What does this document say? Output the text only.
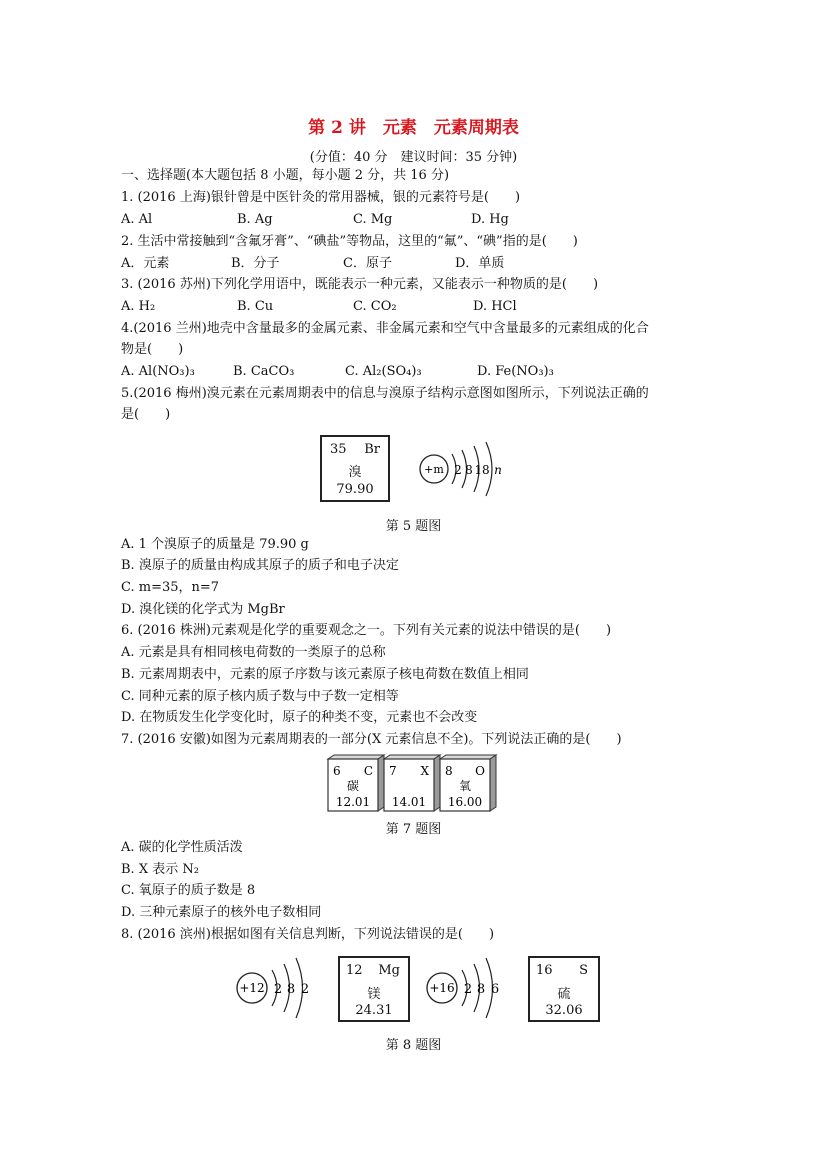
第 2 讲　元素　元素周期表
(分值：40 分　建议时间：35 分钟)
一、选择题(本大题包括 8 小题，每小题 2 分，共 16 分)
1. (2016 上海)银针曾是中医针灸的常用器械，银的元素符号是(　　)
A. Al	B. Ag	C. Mg	D. Hg
2. 生活中常接触到“含氟牙膏”、“碘盐”等物品，这里的“氟”、“碘”指的是(　　)
A．元素	B．分子	C．原子	D．单质
3. (2016 苏州)下列化学用语中，既能表示一种元素，又能表示一种物质的是(　　)
A. H₂	B. Cu	C. CO₂	D. HCl
4.(2016 兰州)地壳中含量最多的金属元素、非金属元素和空气中含量最多的元素组成的化合
物是(　　)
A. Al(NO₃)₃	B. CaCO₃	C. Al₂(SO₄)₃	D. Fe(NO₃)₃
5.(2016 梅州)溴元素在元素周期表中的信息与溴原子结构示意图如图所示，下列说法正确的
是(　　)
35 Br
溴
79.90
+m 2 8 18 n
第 5 题图
A. 1 个溴原子的质量是 79.90 g
B. 溴原子的质量由构成其原子的质子和电子决定
C. m=35，n=7
D. 溴化镁的化学式为 MgBr
6. (2016 株洲)元素观是化学的重要观念之一。下列有关元素的说法中错误的是(　　)
A. 元素是具有相同核电荷数的一类原子的总称
B. 元素周期表中，元素的原子序数与该元素原子核电荷数在数值上相同
C. 同种元素的原子核内质子数与中子数一定相等
D. 在物质发生化学变化时，原子的种类不变，元素也不会改变
7. (2016 安徽)如图为元素周期表的一部分(X 元素信息不全)。下列说法正确的是(　　)
6 C
碳
12.01
7 X
14.01
8 O
氧
16.00
第 7 题图
A. 碳的化学性质活泼
B. X 表示 N₂
C. 氧原子的质子数是 8
D. 三种元素原子的核外电子数相同
8. (2016 滨州)根据如图有关信息判断，下列说法错误的是(　　)
+12 2 8 2
12 Mg
镁
24.31
+16 2 8 6
16 S
硫
32.06
第 8 题图
